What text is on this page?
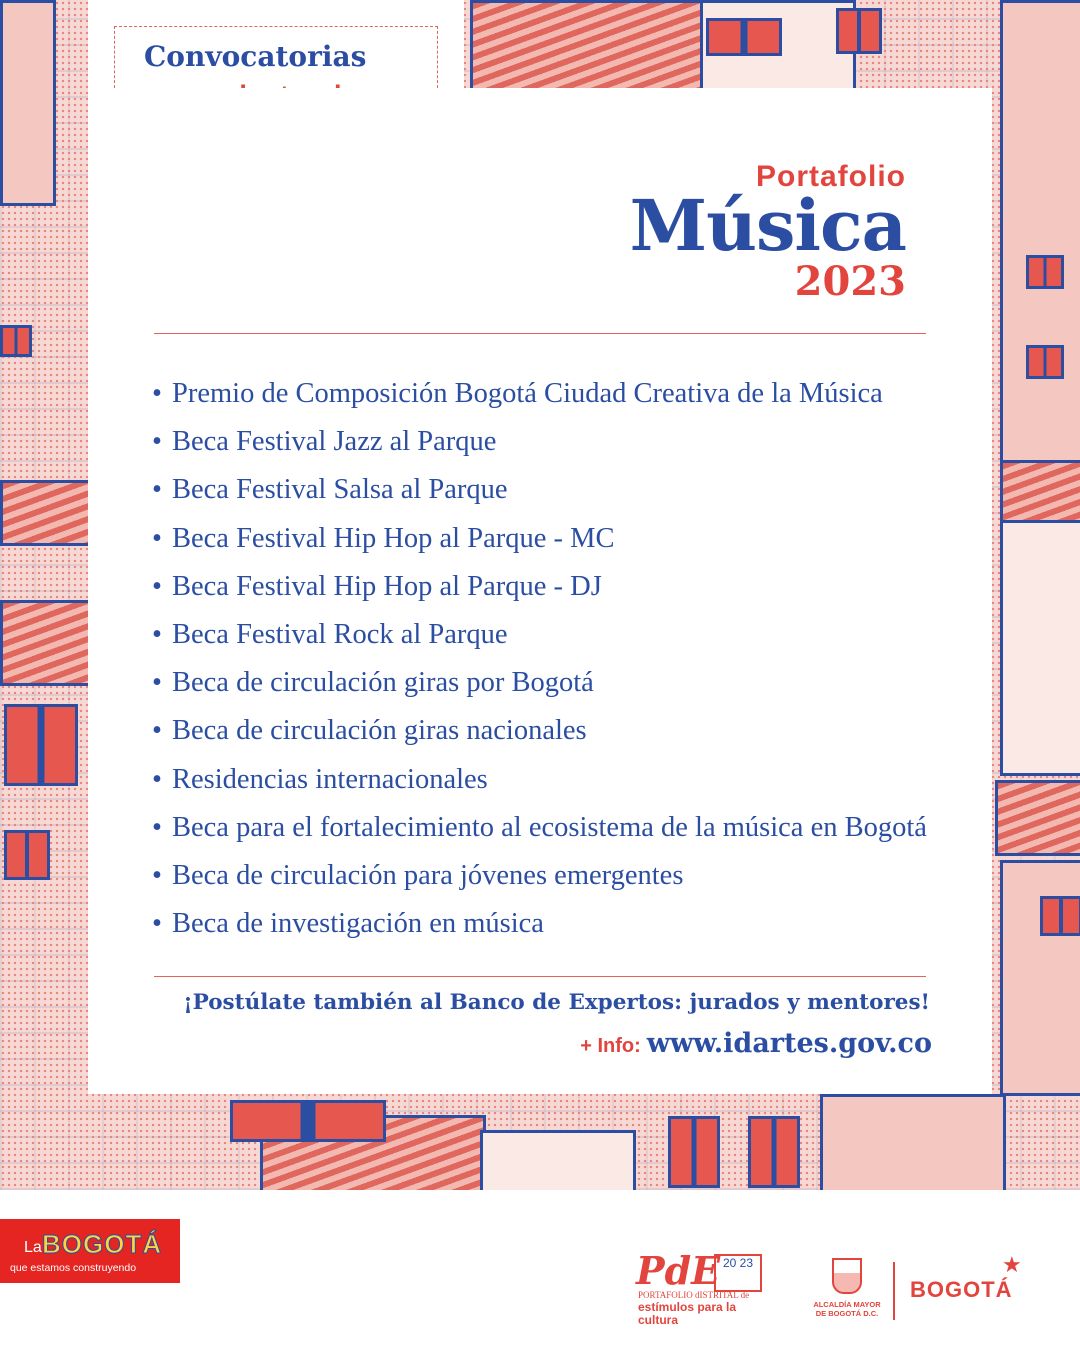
Convocatorias
Portafolio
Música
2023
• Premio de Composición Bogotá Ciudad Creativa de la Música
• Beca Festival Jazz al Parque
• Beca Festival Salsa al Parque
• Beca Festival Hip Hop al Parque - MC
• Beca Festival Hip Hop al Parque - DJ
• Beca Festival Rock al Parque
• Beca de circulación giras por Bogotá
• Beca de circulación giras nacionales
• Residencias internacionales
• Beca para el fortalecimiento al ecosistema de la música en Bogotá
• Beca de circulación para jóvenes emergentes
• Beca de investigación en música
¡Postúlate también al Banco de Expertos: jurados y mentores!
+ Info: www.idartes.gov.co
La BOGOTÁ
que estamos construyendo	PdE 20 23
PORTAFOLIO dISTRITAL de
estímulos para la
cultura
ALCALDÍA MAYOR DE BOGOTÁ D.C.
BOGOTÁ
★
